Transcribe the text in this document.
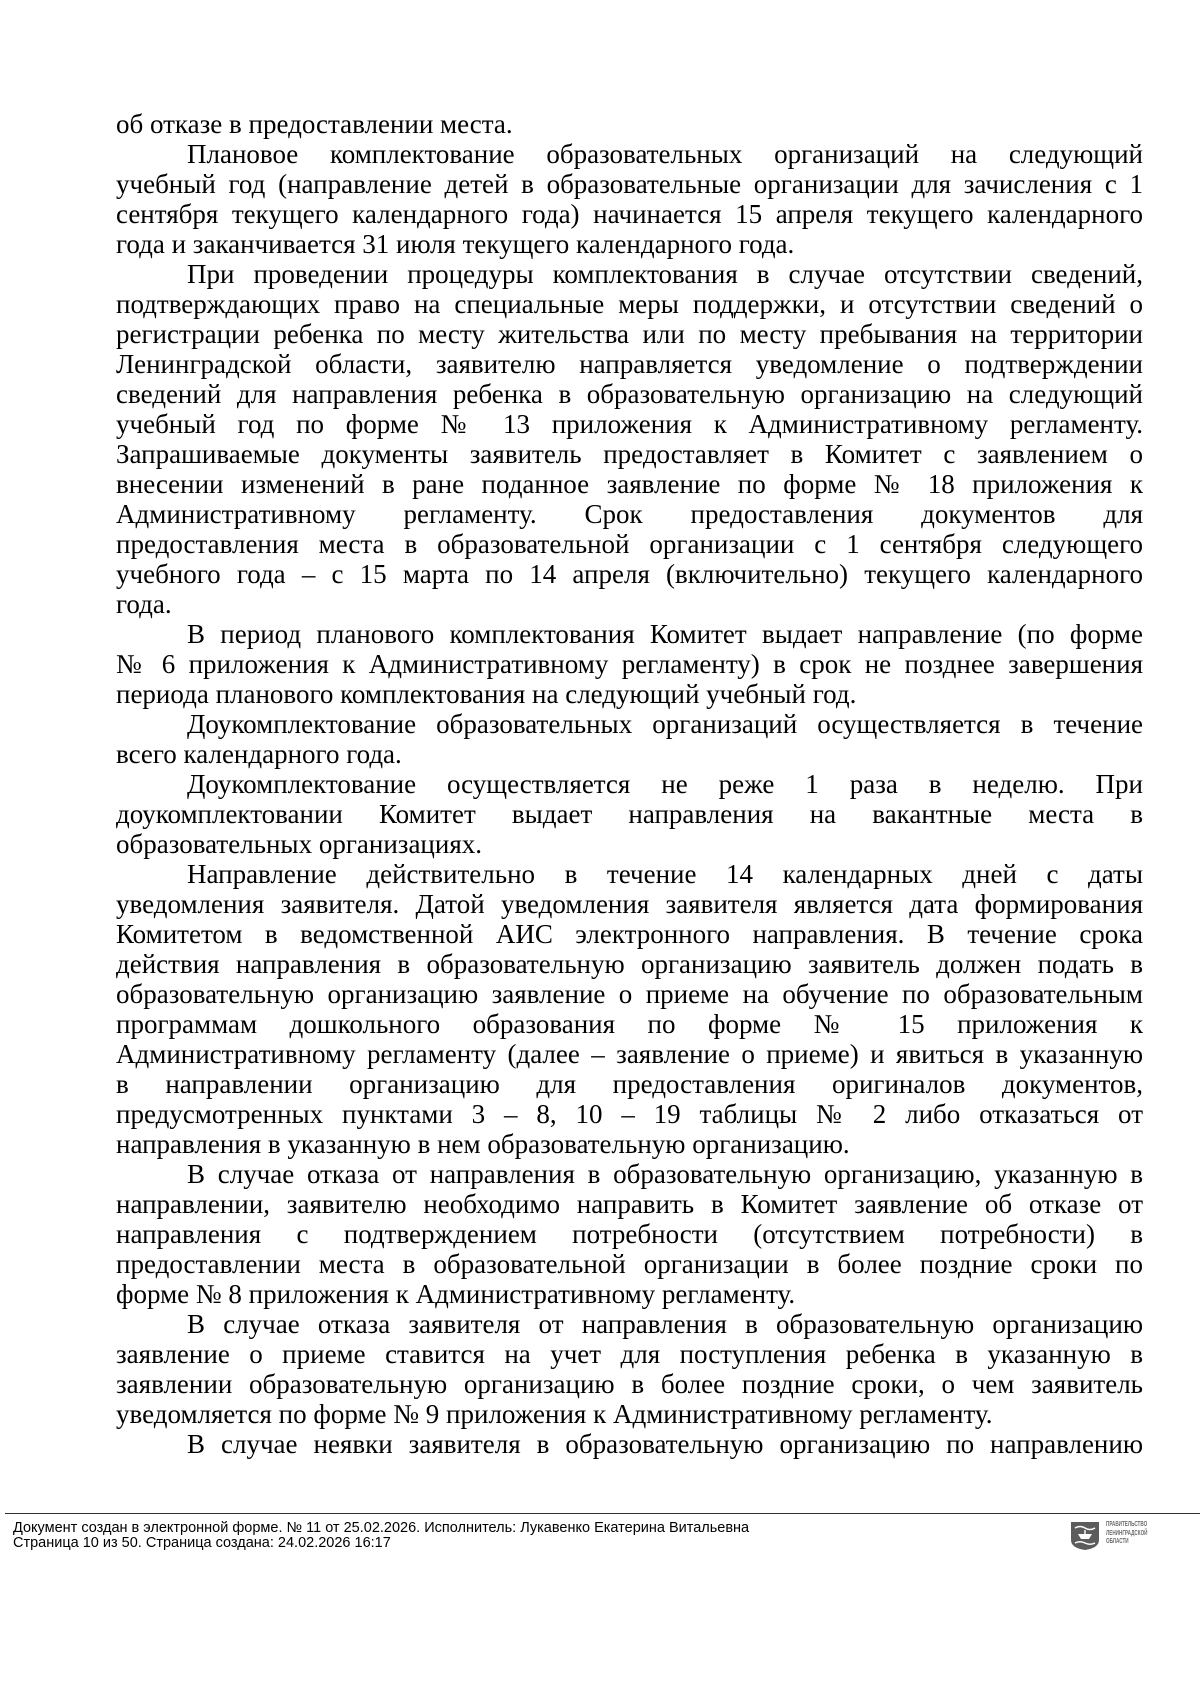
об отказе в предоставлении места.
Плановое комплектование образовательных организаций на следующий
учебный год (направление детей в образовательные организации для зачисления с 1
сентября текущего календарного года) начинается 15 апреля текущего календарного
года и заканчивается 31 июля текущего календарного года.
При проведении процедуры комплектования в случае отсутствии сведений,
подтверждающих право на специальные меры поддержки, и отсутствии сведений о
регистрации ребенка по месту жительства или по месту пребывания на территории
Ленинградской области, заявителю направляется уведомление о подтверждении
сведений для направления ребенка в образовательную организацию на следующий
учебный год по форме № 13 приложения к Административному регламенту.
Запрашиваемые документы заявитель предоставляет в Комитет с заявлением о
внесении изменений в ране поданное заявление по форме № 18 приложения к
Административному регламенту. Срок предоставления документов для
предоставления места в образовательной организации с 1 сентября следующего
учебного года – с 15 марта по 14 апреля (включительно) текущего календарного
года.
В период планового комплектования Комитет выдает направление (по форме
№ 6 приложения к Административному регламенту) в срок не позднее завершения
периода планового комплектования на следующий учебный год.
Доукомплектование образовательных организаций осуществляется в течение
всего календарного года.
Доукомплектование осуществляется не реже 1 раза в неделю. При
доукомплектовании Комитет выдает направления на вакантные места в
образовательных организациях.
Направление действительно в течение 14 календарных дней с даты
уведомления заявителя. Датой уведомления заявителя является дата формирования
Комитетом в ведомственной АИС электронного направления. В течение срока
действия направления в образовательную организацию заявитель должен подать в
образовательную организацию заявление о приеме на обучение по образовательным
программам дошкольного образования по форме № 15 приложения к
Административному регламенту (далее – заявление о приеме) и явиться в указанную
в направлении организацию для предоставления оригиналов документов,
предусмотренных пунктами 3 – 8, 10 – 19 таблицы № 2 либо отказаться от
направления в указанную в нем образовательную организацию.
В случае отказа от направления в образовательную организацию, указанную в
направлении, заявителю необходимо направить в Комитет заявление об отказе от
направления с подтверждением потребности (отсутствием потребности) в
предоставлении места в образовательной организации в более поздние сроки по
форме № 8 приложения к Административному регламенту.
В случае отказа заявителя от направления в образовательную организацию
заявление о приеме ставится на учет для поступления ребенка в указанную в
заявлении образовательную организацию в более поздние сроки, о чем заявитель
уведомляется по форме № 9 приложения к Административному регламенту.
В случае неявки заявителя в образовательную организацию по направлению
Документ создан в электронной форме. № 11 от 25.02.2026. Исполнитель: Лукавенко Екатерина Витальевна
Страница 10 из 50. Страница создана: 24.02.2026 16:17
ПРАВИТЕЛЬСТВО
ЛЕНИНГРАДСКОЙ
ОБЛАСТИ
